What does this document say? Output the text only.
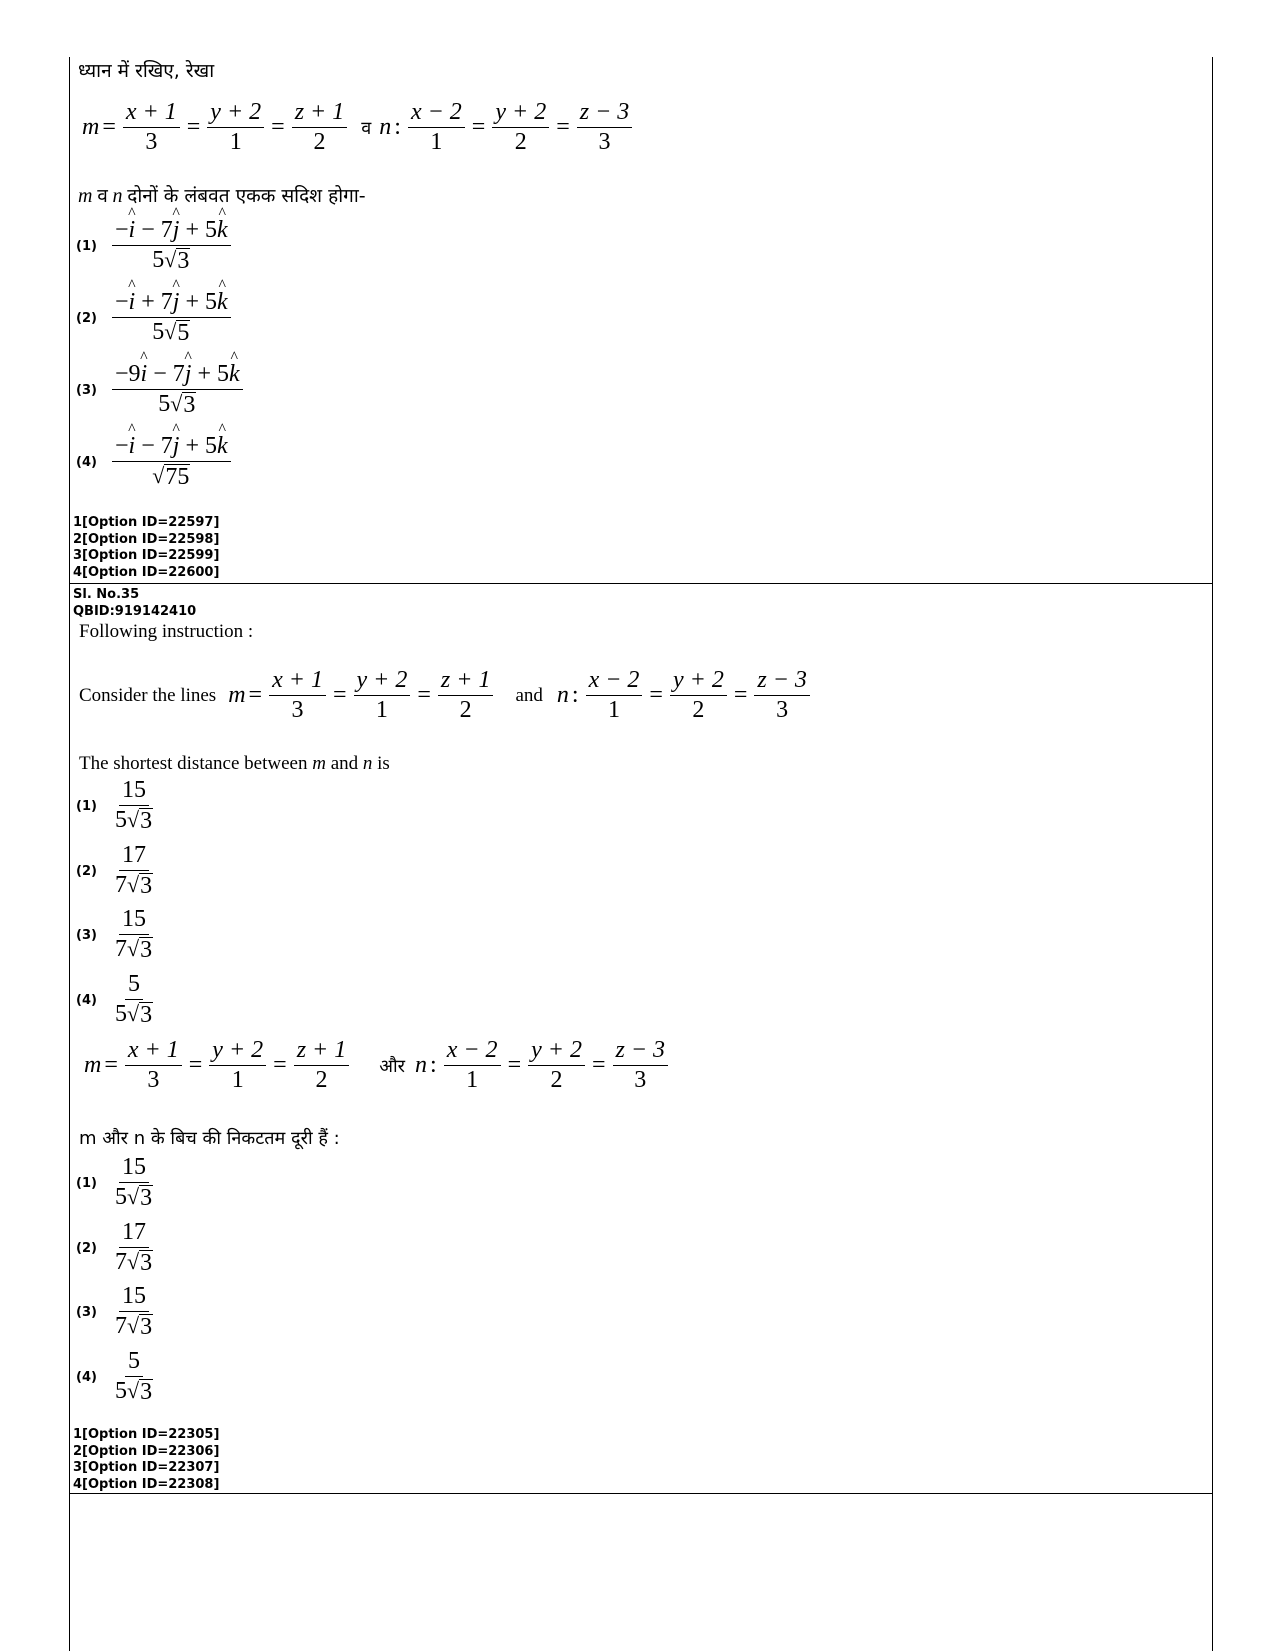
ध्यान में रखिए, रेखा
$m = \frac{x + 1}{3} = \frac{y + 2}{1} = \frac{z + 1}{2}$ व n : $\frac{x - 2}{1} = \frac{y + 2}{2} = \frac{z - 3}{3}$
m व n दोनों के लंबवत एकक सदिश होगा-
$(1) \frac{-i \^{} - 7j \^{} + 5k \^{}}{5 √ 3}$
$(2) \frac{-i \^{} + 7j \^{} + 5k \^{}}{5 √ 5}$
$(3) \frac{-9i \^{} - 7j \^{} + 5k \^{}}{5 √ 3}$
$(4) \frac{-i \^{} - 7j \^{} + 5k \^{}}{√ 75}$
1[Option ID=22597]
2[Option ID=22598]
3[Option ID=22599]
4[Option ID=22600]
Sl. No.35
QBID:919142410
Following instruction :
Consider the lines $m = \frac{x + 1}{3} = \frac{y + 2}{1} = \frac{z + 1}{2}$ and n : $\frac{x - 2}{1} = \frac{y + 2}{2} = \frac{z - 3}{3}$
The shortest distance between m and n is
$(1) \frac{15}{5 √ 3}$
$(2) \frac{17}{7 √ 3}$
$(3) \frac{15}{7 √ 3}$
$(4) \frac{5}{5 √ 3}$
$m = \frac{x + 1}{3} = \frac{y + 2}{1} = \frac{z + 1}{2}$ और n : $\frac{x - 2}{1} = \frac{y + 2}{2} = \frac{z - 3}{3}$
m और n के बिच की निकटतम दूरी हैं :
$(1) \frac{15}{5 √ 3}$
$(2) \frac{17}{7 √ 3}$
$(3) \frac{15}{7 √ 3}$
$(4) \frac{5}{5 √ 3}$
1[Option ID=22305]
2[Option ID=22306]
3[Option ID=22307]
4[Option ID=22308]
